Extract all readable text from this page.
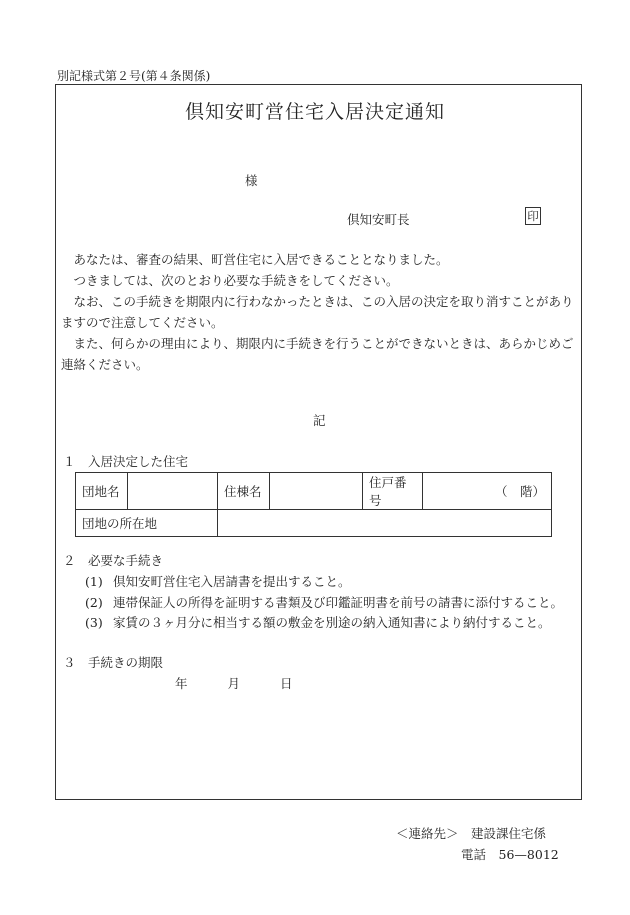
別記様式第２号(第４条関係)
倶知安町営住宅入居決定通知
様
倶知安町長	印
　あなたは、審査の結果、町営住宅に入居できることとなりました。
　つきましては、次のとおり必要な手続きをしてください。
　なお、この手続きを期限内に行わなかったときは、この入居の決定を取り消すことがありますので注意してください。
　また、何らかの理由により、期限内に手続きを行うことができないときは、あらかじめご連絡ください。
記
１　入居決定した住宅
団地名		住棟名		住戸番号	（　階）
団地の所在地					
２　必要な手続き
(1) 倶知安町営住宅入居請書を提出すること。
(2) 連帯保証人の所得を証明する書類及び印鑑証明書を前号の請書に添付すること。
(3) 家賃の３ヶ月分に相当する額の敷金を別途の納入通知書により納付すること。
３　手続きの期限
年	月	日
＜連絡先＞　 建設課住宅係
電話　 56—8012
